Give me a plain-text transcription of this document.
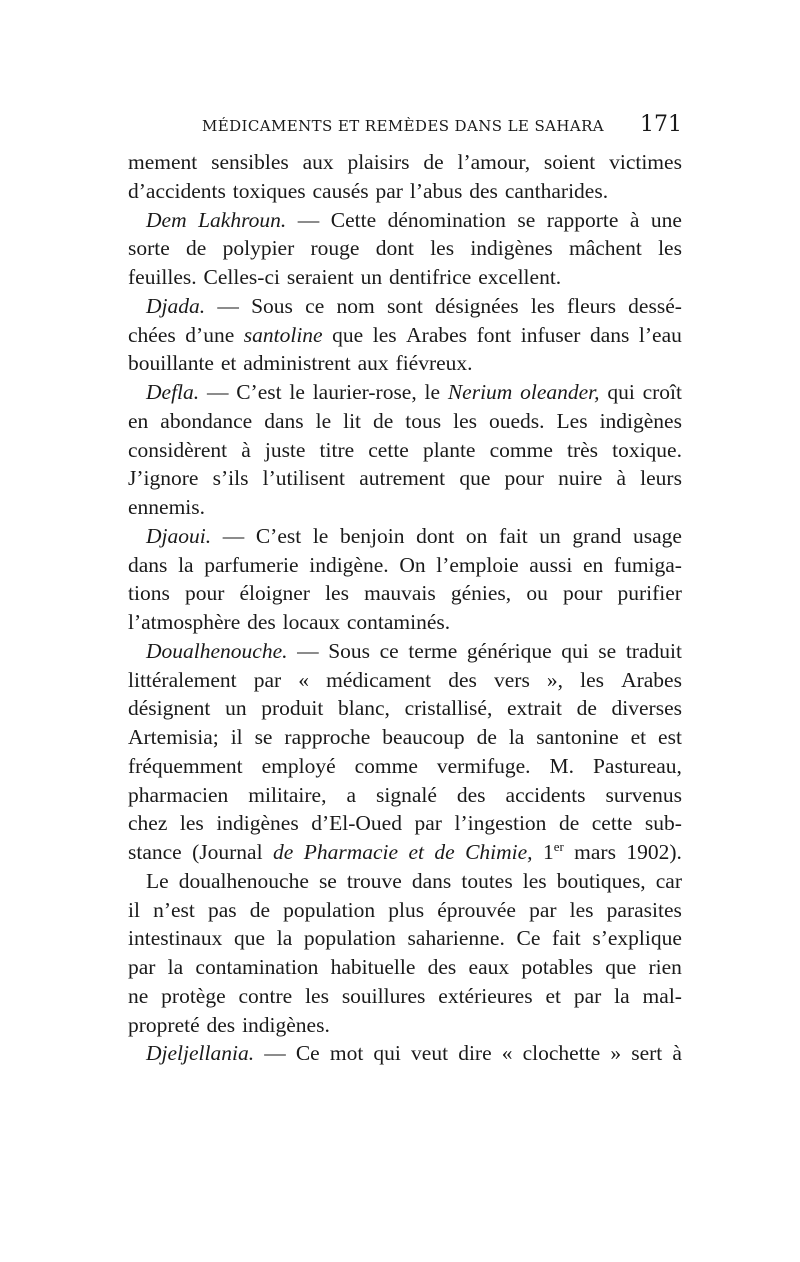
MÉDICAMENTS ET REMÈDES DANS LE SAHARA 171
mement sensibles aux plaisirs de l’amour, soient victimes
d’accidents toxiques causés par l’abus des cantharides.
Dem Lakhroun. — Cette dénomination se rapporte à une
sorte de polypier rouge dont les indigènes mâchent les
feuilles. Celles-ci seraient un dentifrice excellent.
Djada. — Sous ce nom sont désignées les fleurs dessé-
chées d’une santoline que les Arabes font infuser dans l’eau
bouillante et administrent aux fiévreux.
Defla. — C’est le laurier-rose, le Nerium oleander, qui croît
en abondance dans le lit de tous les oueds. Les indigènes
considèrent à juste titre cette plante comme très toxique.
J’ignore s’ils l’utilisent autrement que pour nuire à leurs
ennemis.
Djaoui. — C’est le benjoin dont on fait un grand usage
dans la parfumerie indigène. On l’emploie aussi en fumiga-
tions pour éloigner les mauvais génies, ou pour purifier
l’atmosphère des locaux contaminés.
Doualhenouche. — Sous ce terme générique qui se traduit
littéralement par « médicament des vers », les Arabes
désignent un produit blanc, cristallisé, extrait de diverses
Artemisia; il se rapproche beaucoup de la santonine et est
fréquemment employé comme vermifuge. M. Pastureau,
pharmacien militaire, a signalé des accidents survenus
chez les indigènes d’El-Oued par l’ingestion de cette sub-
stance (Journal de Pharmacie et de Chimie, 1er mars 1902).
Le doualhenouche se trouve dans toutes les boutiques, car
il n’est pas de population plus éprouvée par les parasites
intestinaux que la population saharienne. Ce fait s’explique
par la contamination habituelle des eaux potables que rien
ne protège contre les souillures extérieures et par la mal-
propreté des indigènes.
Djeljellania. — Ce mot qui veut dire « clochette » sert à
